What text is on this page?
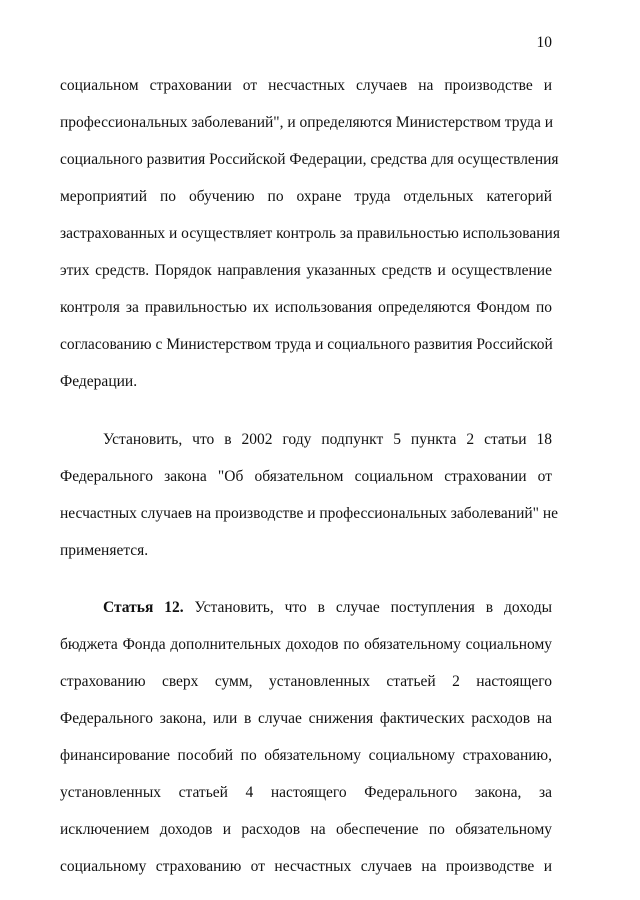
10
социальном страховании от несчастных случаев на производстве и
профессиональных заболеваний", и определяются Министерством труда и
социального развития Российской Федерации, средства для осуществления
мероприятий по обучению по охране труда отдельных категорий
застрахованных и осуществляет контроль за правильностью использования
этих средств. Порядок направления указанных средств и осуществление
контроля за правильностью их использования определяются Фондом по
согласованию с Министерством труда и социального развития Российской
Федерации.
Установить, что в 2002 году подпункт 5 пункта 2 статьи 18
Федерального закона "Об обязательном социальном страховании от
несчастных случаев на производстве и профессиональных заболеваний" не
применяется.
Статья 12. Установить, что в случае поступления в доходы
бюджета Фонда дополнительных доходов по обязательному социальному
страхованию сверх сумм, установленных статьей 2 настоящего
Федерального закона, или в случае снижения фактических расходов на
финансирование пособий по обязательному социальному страхованию,
установленных статьей 4 настоящего Федерального закона, за
исключением доходов и расходов на обеспечение по обязательному
социальному страхованию от несчастных случаев на производстве и
